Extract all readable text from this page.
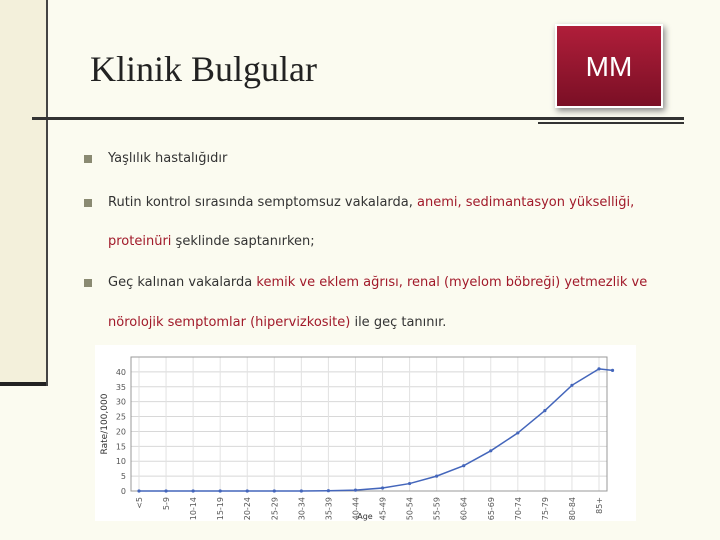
Klinik Bulgular	MM
Yaşlılık hastalığıdır
Rutin kontrol sırasında semptomsuz vakalarda, anemi, sedimantasyon yükselliği,
proteinüri şeklinde saptanırken;
Geç kalınan vakalarda kemik ve eklem ağrısı, renal (myelom böbreği) yetmezlik ve
nörolojik semptomlar (hipervizkosite) ile geç tanınır.
0
5
10
15
20
25
30
35
40
<5 5-9 10-14 15-19 20-24 25-29 30-34 35-39 40-44 45-49 50-54 55-59 60-64 65-69 70-74 75-79 80-84 85+
Rate/100,000
Age
